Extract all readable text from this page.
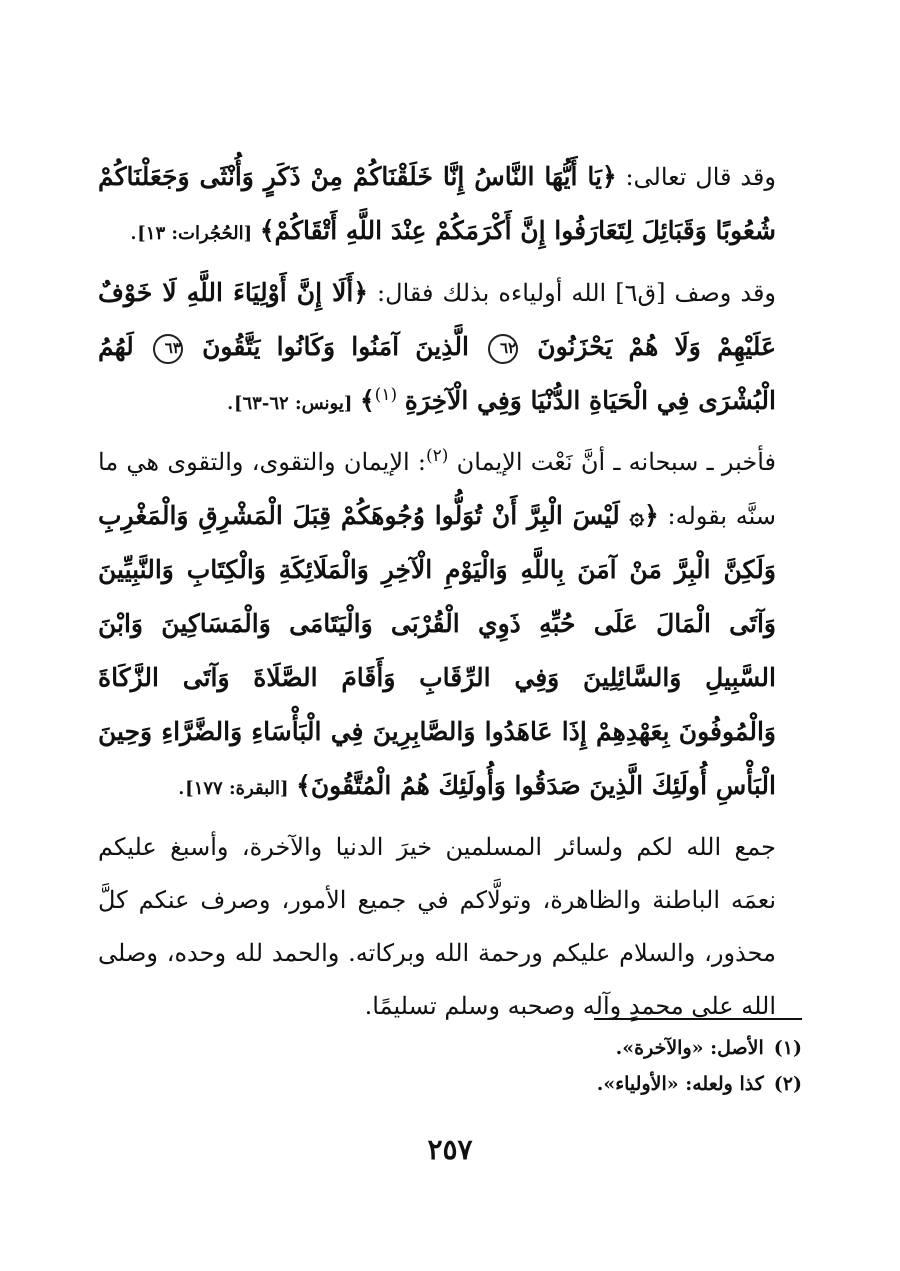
وقد قال تعالى: ﴿يَا أَيُّهَا النَّاسُ إِنَّا خَلَقْنَاكُمْ مِنْ ذَكَرٍ وَأُنْثَى وَجَعَلْنَاكُمْ شُعُوبًا وَقَبَائِلَ لِتَعَارَفُوا إِنَّ أَكْرَمَكُمْ عِنْدَ اللَّهِ أَتْقَاكُمْ﴾ [الحُجُرات: ١٣].

وقد وصف [ق٦] الله أولياءه بذلك فقال: ﴿أَلَا إِنَّ أَوْلِيَاءَ اللَّهِ لَا خَوْفٌ عَلَيْهِمْ وَلَا هُمْ يَحْزَنُونَ ٦٢ الَّذِينَ آمَنُوا وَكَانُوا يَتَّقُونَ ٦٣ لَهُمُ الْبُشْرَى فِي الْحَيَاةِ الدُّنْيَا وَفِي الْآخِرَةِ $^{(١)}$﴾ [يونس: ٦٢-٦٣].

فأخبر ـ سبحانه ـ أنَّ نَعْت الإيمان $^{(٢)}$: الإيمان والتقوى، والتقوى هي ما سنَّه بقوله: ﴿۞ لَيْسَ الْبِرَّ أَنْ تُوَلُّوا وُجُوهَكُمْ قِبَلَ الْمَشْرِقِ وَالْمَغْرِبِ وَلَكِنَّ الْبِرَّ مَنْ آمَنَ بِاللَّهِ وَالْيَوْمِ الْآخِرِ وَالْمَلَائِكَةِ وَالْكِتَابِ وَالنَّبِيِّينَ وَآتَى الْمَالَ عَلَى حُبِّهِ ذَوِي الْقُرْبَى وَالْيَتَامَى وَالْمَسَاكِينَ وَابْنَ السَّبِيلِ وَالسَّائِلِينَ وَفِي الرِّقَابِ وَأَقَامَ الصَّلَاةَ وَآتَى الزَّكَاةَ وَالْمُوفُونَ بِعَهْدِهِمْ إِذَا عَاهَدُوا وَالصَّابِرِينَ فِي الْبَأْسَاءِ وَالضَّرَّاءِ وَحِينَ الْبَأْسِ أُولَئِكَ الَّذِينَ صَدَقُوا وَأُولَئِكَ هُمُ الْمُتَّقُونَ﴾ [البقرة: ١٧٧].

جمع الله لكم ولسائر المسلمين خيرَ الدنيا والآخرة، وأسبغ عليكم نعمَه الباطنة والظاهرة، وتولَّاكم في جميع الأمور، وصرف عنكم كلَّ محذور، والسلام عليكم ورحمة الله وبركاته. والحمد لله وحده، وصلى الله على محمدٍ وآله وصحبه وسلم تسليمًا.

(١)الأصل: «والآخرة».
(٢)كذا ولعله: «الأولياء».
٢٥٧
